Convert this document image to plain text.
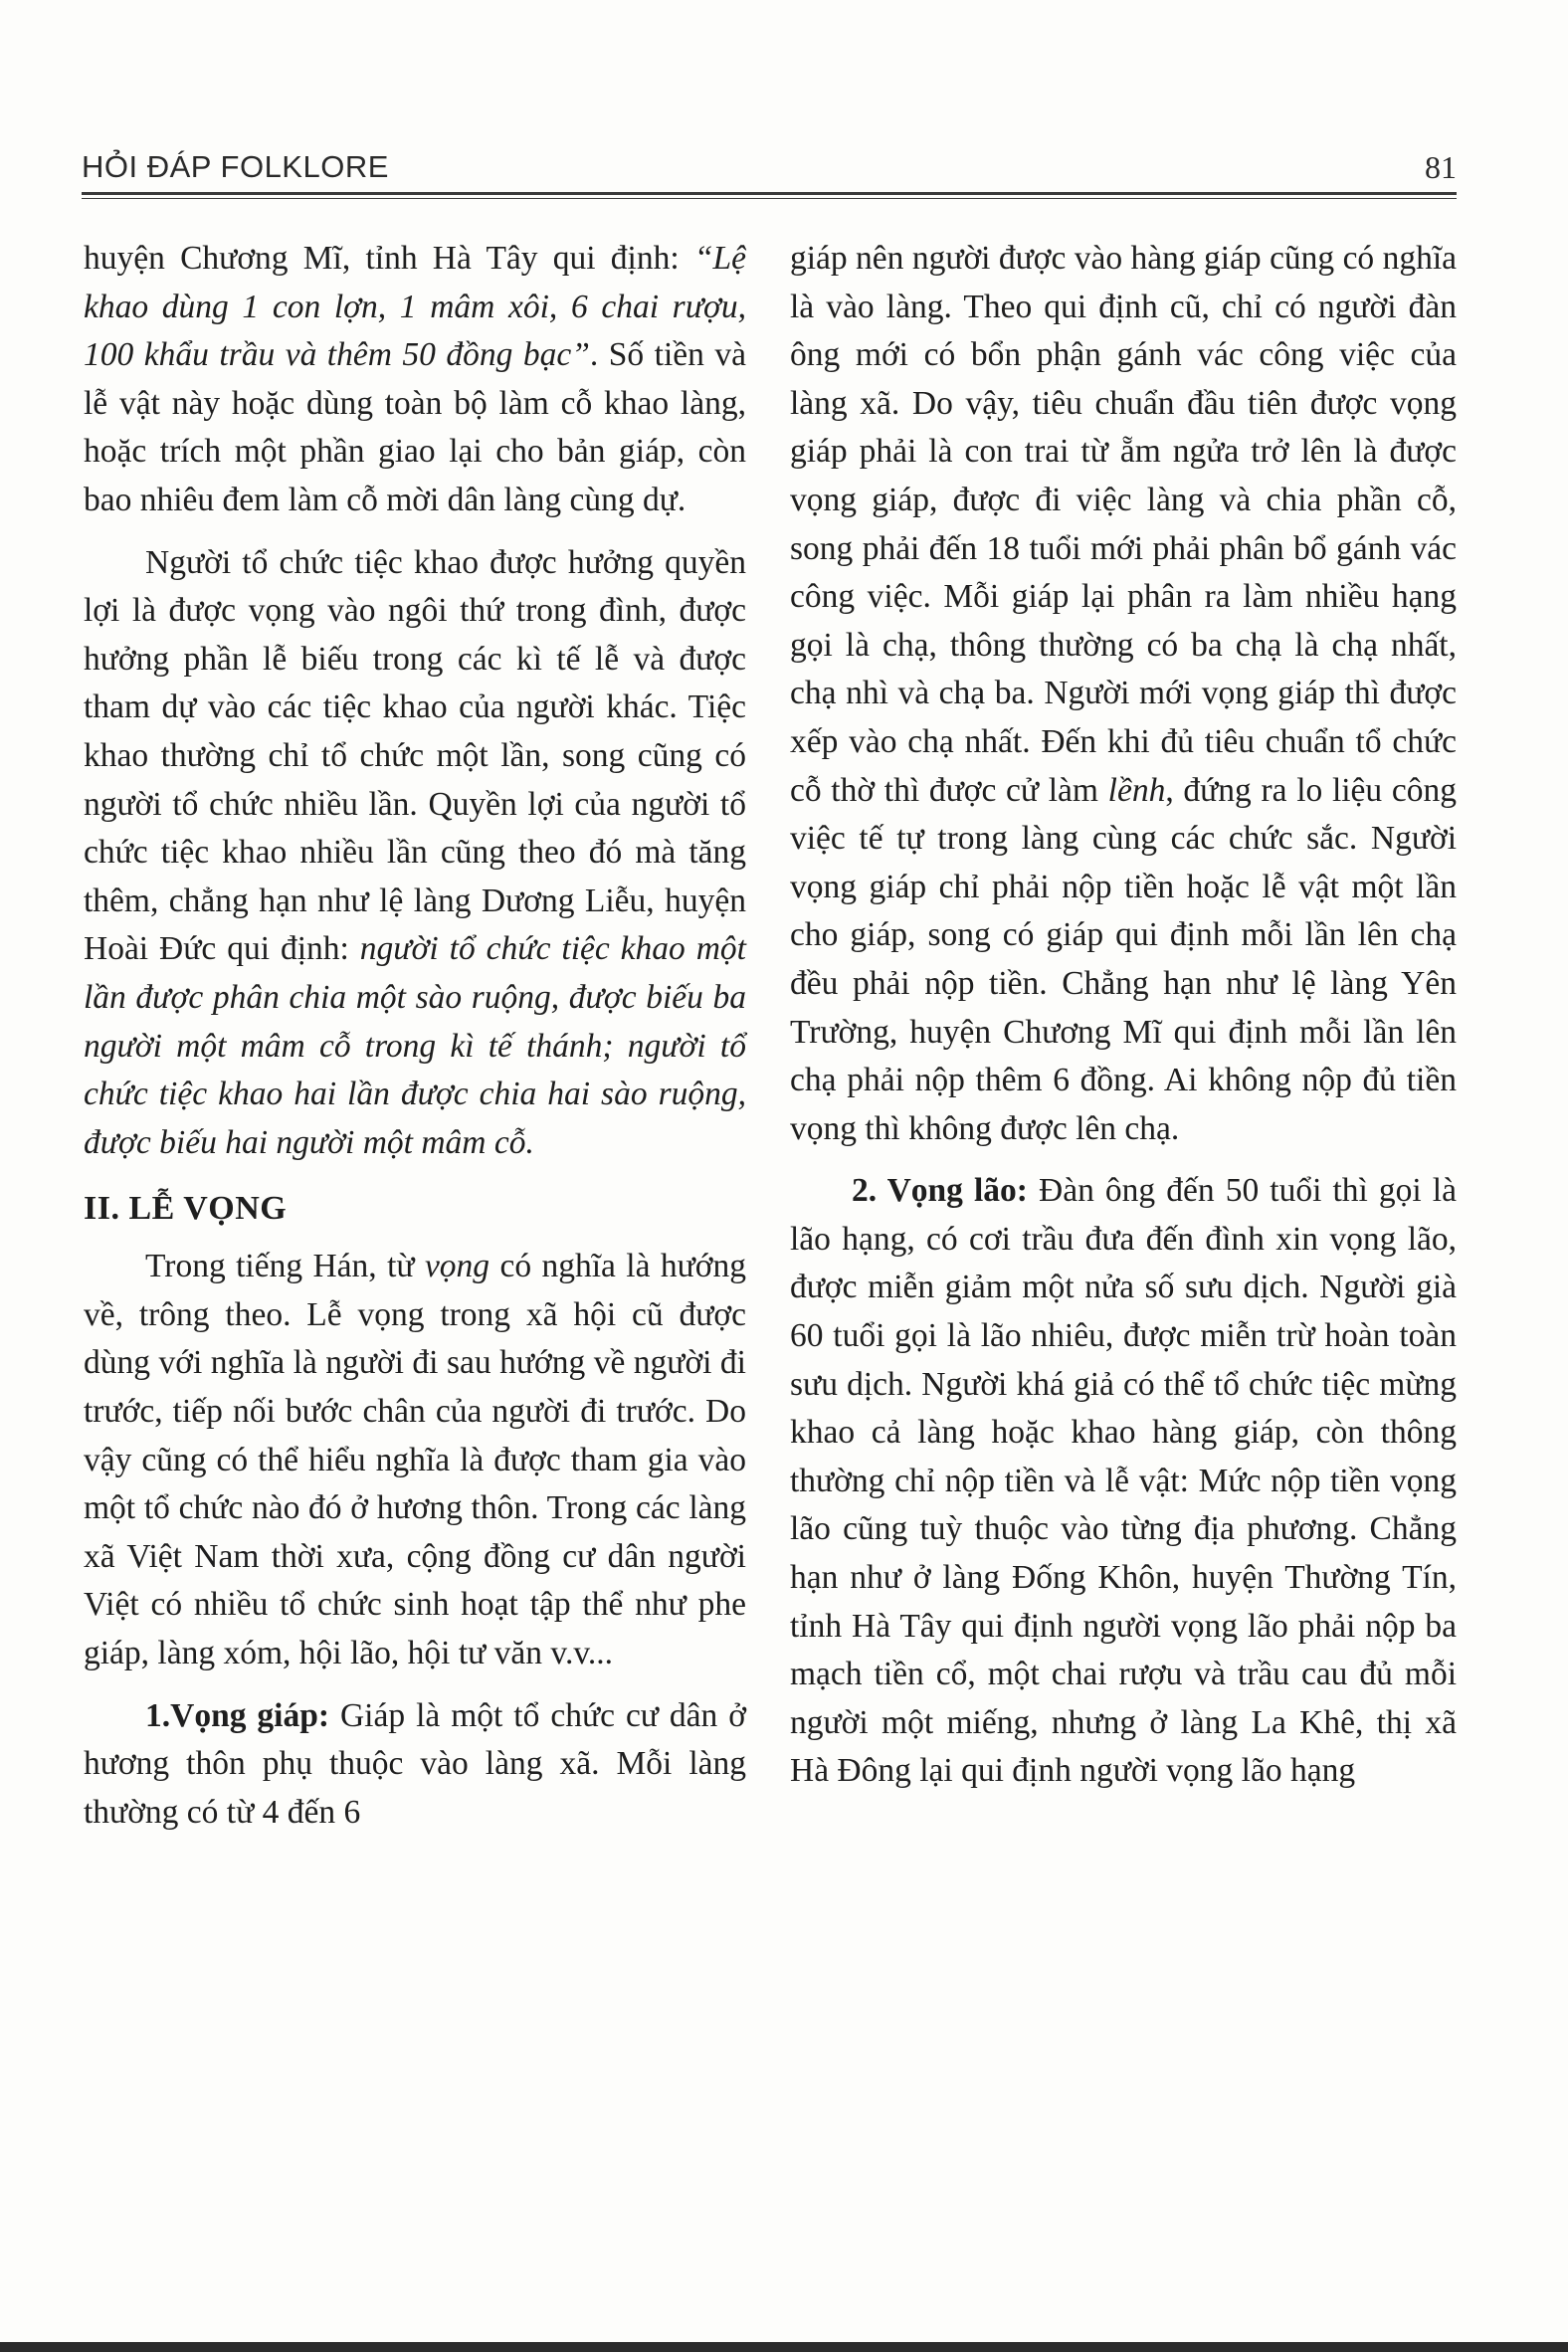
HỎI ĐÁP FOLKLORE	81

huyện Chương Mĩ, tỉnh Hà Tây qui định: “Lệ khao dùng 1 con lợn, 1 mâm xôi, 6 chai rượu, 100 khẩu trầu và thêm 50 đồng bạc”. Số tiền và lễ vật này hoặc dùng toàn bộ làm cỗ khao làng, hoặc trích một phần giao lại cho bản giáp, còn bao nhiêu đem làm cỗ mời dân làng cùng dự.

Người tổ chức tiệc khao được hưởng quyền lợi là được vọng vào ngôi thứ trong đình, được hưởng phần lễ biếu trong các kì tế lễ và được tham dự vào các tiệc khao của người khác. Tiệc khao thường chỉ tổ chức một lần, song cũng có người tổ chức nhiều lần. Quyền lợi của người tổ chức tiệc khao nhiều lần cũng theo đó mà tăng thêm, chẳng hạn như lệ làng Dương Liễu, huyện Hoài Đức qui định: người tổ chức tiệc khao một lần được phân chia một sào ruộng, được biếu ba người một mâm cỗ trong kì tế thánh; người tổ chức tiệc khao hai lần được chia hai sào ruộng, được biếu hai người một mâm cỗ.

II. LỄ VỌNG

Trong tiếng Hán, từ vọng có nghĩa là hướng về, trông theo. Lễ vọng trong xã hội cũ được dùng với nghĩa là người đi sau hướng về người đi trước, tiếp nối bước chân của người đi trước. Do vậy cũng có thể hiểu nghĩa là được tham gia vào một tổ chức nào đó ở hương thôn. Trong các làng xã Việt Nam thời xưa, cộng đồng cư dân người Việt có nhiều tổ chức sinh hoạt tập thể như phe giáp, làng xóm, hội lão, hội tư văn v.v...

1.Vọng giáp: Giáp là một tổ chức cư dân ở hương thôn phụ thuộc vào làng xã. Mỗi làng thường có từ 4 đến 6

giáp nên người được vào hàng giáp cũng có nghĩa là vào làng. Theo qui định cũ, chỉ có người đàn ông mới có bổn phận gánh vác công việc của làng xã. Do vậy, tiêu chuẩn đầu tiên được vọng giáp phải là con trai từ ẵm ngửa trở lên là được vọng giáp, được đi việc làng và chia phần cỗ, song phải đến 18 tuổi mới phải phân bổ gánh vác công việc. Mỗi giáp lại phân ra làm nhiều hạng gọi là chạ, thông thường có ba chạ là chạ nhất, chạ nhì và chạ ba. Người mới vọng giáp thì được xếp vào chạ nhất. Đến khi đủ tiêu chuẩn tổ chức cỗ thờ thì được cử làm lềnh, đứng ra lo liệu công việc tế tự trong làng cùng các chức sắc. Người vọng giáp chỉ phải nộp tiền hoặc lễ vật một lần cho giáp, song có giáp qui định mỗi lần lên chạ đều phải nộp tiền. Chẳng hạn như lệ làng Yên Trường, huyện Chương Mĩ qui định mỗi lần lên chạ phải nộp thêm 6 đồng. Ai không nộp đủ tiền vọng thì không được lên chạ.

2. Vọng lão: Đàn ông đến 50 tuổi thì gọi là lão hạng, có cơi trầu đưa đến đình xin vọng lão, được miễn giảm một nửa số sưu dịch. Người già 60 tuổi gọi là lão nhiêu, được miễn trừ hoàn toàn sưu dịch. Người khá giả có thể tổ chức tiệc mừng khao cả làng hoặc khao hàng giáp, còn thông thường chỉ nộp tiền và lễ vật: Mức nộp tiền vọng lão cũng tuỳ thuộc vào từng địa phương. Chẳng hạn như ở làng Đống Khôn, huyện Thường Tín, tỉnh Hà Tây qui định người vọng lão phải nộp ba mạch tiền cổ, một chai rượu và trầu cau đủ mỗi người một miếng, nhưng ở làng La Khê, thị xã Hà Đông lại qui định người vọng lão hạng
